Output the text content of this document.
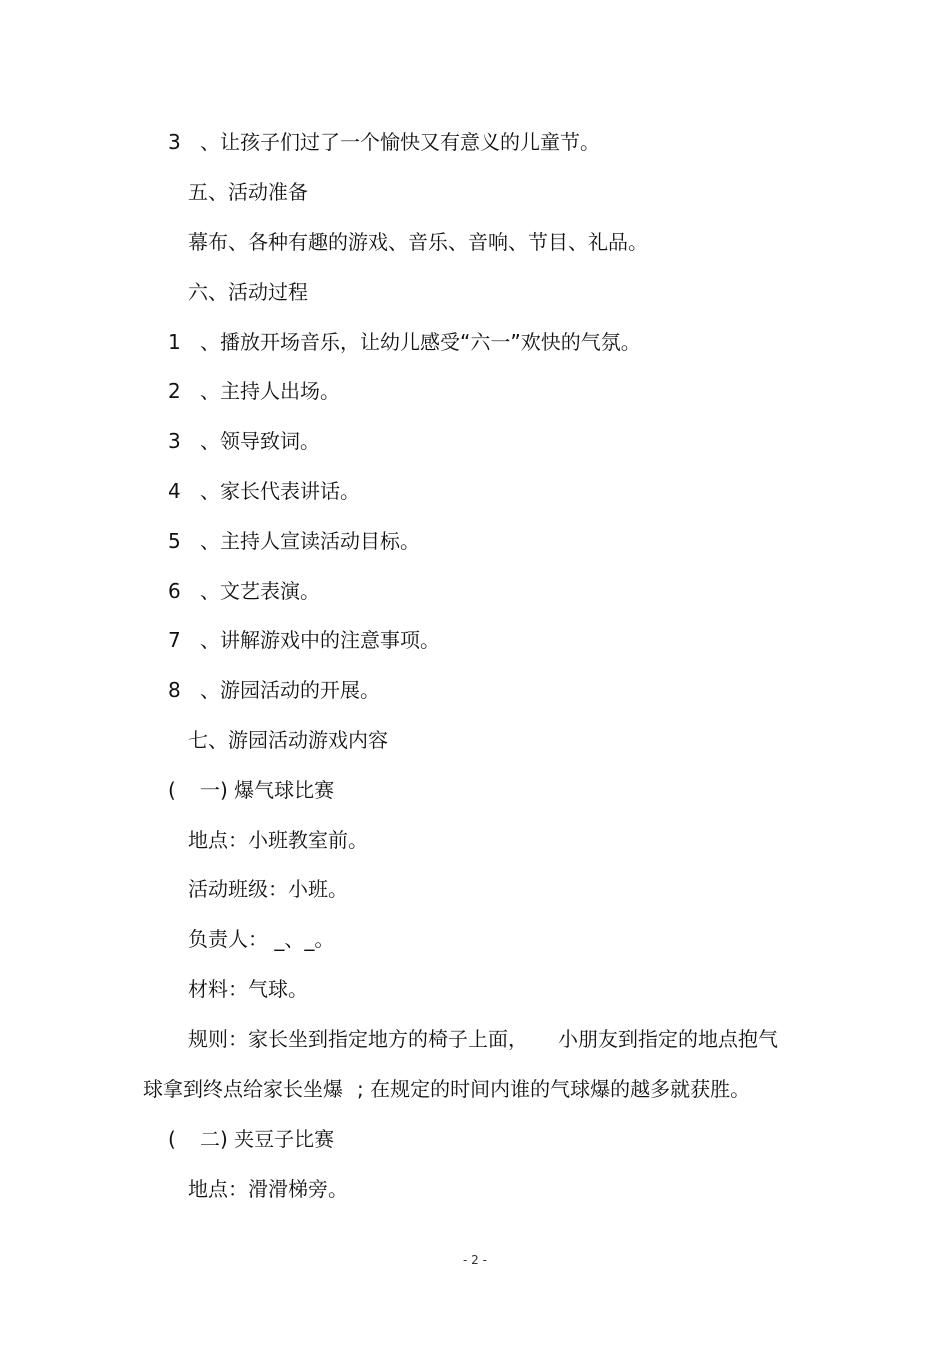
3 、让孩子们过了一个愉快又有意义的儿童节。
五、活动准备
幕布、各种有趣的游戏、音乐、音响、节目、礼品。
六、活动过程
1 、播放开场音乐，让幼儿感受“六一”欢快的气氛。
2 、主持人出场。
3 、领导致词。
4 、家长代表讲话。
5 、主持人宣读活动目标。
6 、文艺表演。
7 、讲解游戏中的注意事项。
8 、游园活动的开展。
七、游园活动游戏内容
( 一) 爆气球比赛
地点：小班教室前。
活动班级：小班。
负责人： _、_。
材料：气球。
规则：家长坐到指定地方的椅子上面， 小朋友到指定的地点抱气
球拿到终点给家长坐爆 ; 在规定的时间内谁的气球爆的越多就获胜。
( 二) 夹豆子比赛
地点：滑滑梯旁。
- 2 -
